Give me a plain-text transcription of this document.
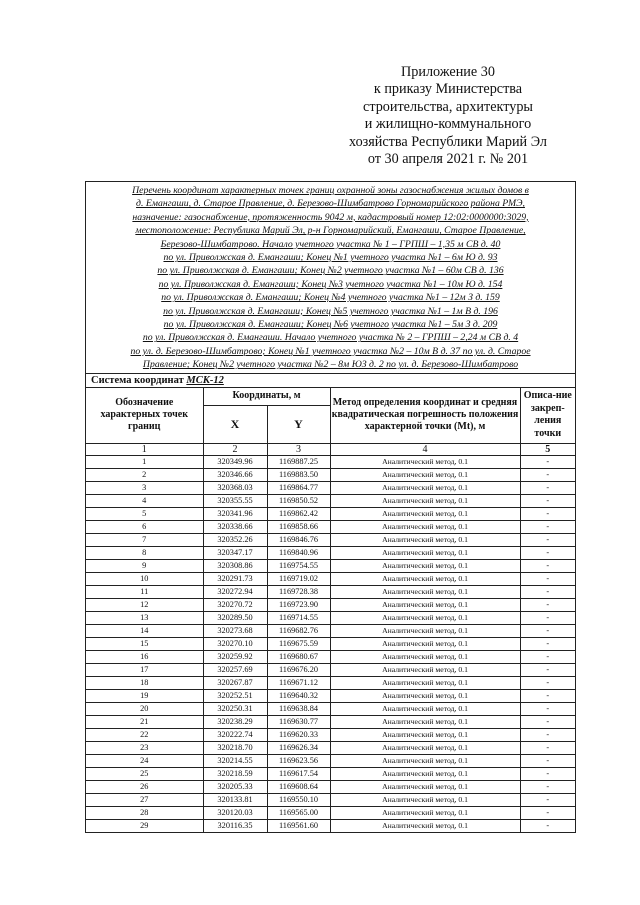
Приложение 30
к приказу Министерства
строительства, архитектуры
и жилищно-коммунального
хозяйства Республики Марий Эл
от 30 апреля 2021 г. № 201
Перечень координат характерных точек границ охранной зоны газоснабжения жилых домов в
д. Емангаши, д. Старое Правление, д. Березово-Шимбатрово Горномарийского района РМЭ,
назначение: газоснабжение, протяженность 9042 м, кадастровый номер 12:02:0000000:3029,
местоположение: Республика Марий Эл, р-н Горномарийский, Емангаши, Старое Правление,
Березово-Шимбатрово. Начало учетного участка № 1 – ГРПШ – 1,35 м СВ д. 40
по ул. Приволжская д. Емангаши; Конец №1 учетного участка №1 – 6м Ю д. 93
по ул. Приволжская д. Емангаши; Конец №2 учетного участка №1 – 60м СВ д. 136
по ул. Приволжская д. Емангаши; Конец №3 учетного участка №1 – 10м Ю д. 154
по ул. Приволжская д. Емангаши; Конец №4 учетного участка №1 – 12м З д. 159
по ул. Приволжская д. Емангаши; Конец №5 учетного участка №1 – 1м В д. 196
по ул. Приволжская д. Емангаши; Конец №6 учетного участка №1 – 5м З д. 209
по ул. Приволжская д. Емангаши. Начало учетного участка № 2 – ГРПШ – 2,24 м СВ д. 4
по ул. д. Березово-Шимбатрово; Конец №1 учетного участка №2 – 10м В д. 37 по ул. д. Старое
Правление; Конец №2 учетного участка №2 – 8м ЮЗ д. 2 по ул. д. Березово-Шимбатрово
Система координат МСК-12
Обозначение характерных точек границ	Координаты, м		Метод определения координат и средняя квадратическая погрешность положения характерной точки (Mt), м	Описа-ние закреп-ления точки
	X	Y		
1	2	3	4	5
1	320349.96	1169887.25	Аналитический метод, 0.1	-
2	320346.66	1169883.50	Аналитический метод, 0.1	-
3	320368.03	1169864.77	Аналитический метод, 0.1	-
4	320355.55	1169850.52	Аналитический метод, 0.1	-
5	320341.96	1169862.42	Аналитический метод, 0.1	-
6	320338.66	1169858.66	Аналитический метод, 0.1	-
7	320352.26	1169846.76	Аналитический метод, 0.1	-
8	320347.17	1169840.96	Аналитический метод, 0.1	-
9	320308.86	1169754.55	Аналитический метод, 0.1	-
10	320291.73	1169719.02	Аналитический метод, 0.1	-
11	320272.94	1169728.38	Аналитический метод, 0.1	-
12	320270.72	1169723.90	Аналитический метод, 0.1	-
13	320289.50	1169714.55	Аналитический метод, 0.1	-
14	320273.68	1169682.76	Аналитический метод, 0.1	-
15	320270.10	1169675.59	Аналитический метод, 0.1	-
16	320259.92	1169680.67	Аналитический метод, 0.1	-
17	320257.69	1169676.20	Аналитический метод, 0.1	-
18	320267.87	1169671.12	Аналитический метод, 0.1	-
19	320252.51	1169640.32	Аналитический метод, 0.1	-
20	320250.31	1169638.84	Аналитический метод, 0.1	-
21	320238.29	1169630.77	Аналитический метод, 0.1	-
22	320222.74	1169620.33	Аналитический метод, 0.1	-
23	320218.70	1169626.34	Аналитический метод, 0.1	-
24	320214.55	1169623.56	Аналитический метод, 0.1	-
25	320218.59	1169617.54	Аналитический метод, 0.1	-
26	320205.33	1169608.64	Аналитический метод, 0.1	-
27	320133.81	1169550.10	Аналитический метод, 0.1	-
28	320120.03	1169565.00	Аналитический метод, 0.1	-
29	320116.35	1169561.60	Аналитический метод, 0.1	-
